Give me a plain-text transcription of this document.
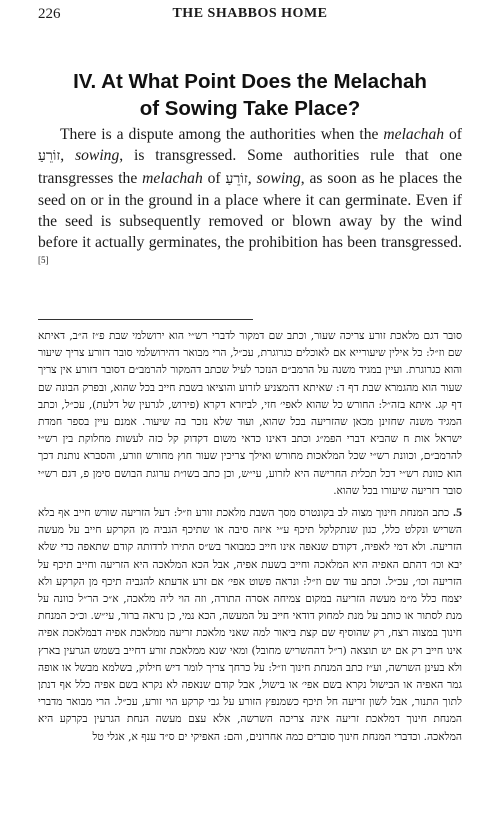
226	THE SHABBOS HOME
IV. At What Point Does the Melachah
of Sowing Take Place?
There is a dispute among the authorities when the melachah of זוֹרֵעַ, sowing, is transgressed. Some authorities rule that one transgresses the melachah of זוֹרֵעַ, sowing, as soon as he places the seed on or in the ground in a place where it can germinate. Even if the seed is subsequently removed or blown away by the wind before it actually germinates, the prohibition has been transgressed.[5]
סובר דגם מלאכת זורע צריכה שעור, וכתב שם דמקור לדברי רש״י הוא ירושלמי שבת פ״ז ה״ב, דאיתא שם וז״ל: כל אילין שיעורייא אם לאוכלים כגרוגרת, עכ״ל, הרי מבואר דהירושלמי סובר דזורע צריך שיעור והוא כגרוגרת. ועיין במגיד משנה על הרמב״ם הנזכר לעיל שכתב דהמקור להרמב״ם דסובר דזורע אין צריך שעור הוא מהגמרא שבת דף ד: שאיתא דהמצניע לזרוע והוציאו בשבת חייב בכל שהוא, ובפרק הבונה שם דף קג. איתא בזה״ל: החורש כל שהוא לאפי׳ חזי, לביזרא דקרא (פירוש, לגרעין של דלעת), עכ״ל, וכתב המגיד משנה שחזינן מכאן שהזריעה בכל שהוא, ועוד שלא נזכר בה שיעור. אמנם עיין בספר חמדת ישראל אות ח שהביא דברי הפמ״ג וכתב דאינו כדאי משום דקדוק קל כזה לעשות מחלוקת בין רש״י להרמב״ם, וכוונת רש״י שכל המלאכות מחורש ואילך צריכין שעור חוץ מחורש וזורע, והסברא נותנת דכך הוא כוונת רש״י דכל תכלית החרישה היא לזרוע, עי״ש, וכן כתב בשו״ת ערוגת הבושם סימן פ, דגם רש״י סובר דזריעה שיעורו בכל שהוא.
5. כתב המנחת חינוך מצוה לב בקונטרס מסך השבת מלאכת זורע וז״ל: דעל הזריעה שורש חייב אף בלא השריש ונקלט כלל, כגון שנתקלקל תיכף ע״י איזה סיבה או שתיכף הגביה מן הקרקע חייב על מעשה הזריעה. ולא דמי לאפיה, דקודם שנאפה אינו חייב כמבואר בש״ס התירו לרדותה קודם שתאפה כדי שלא יבא וכו׳ דהתם האפיה היא המלאכה וחייב בשעת אפיה, אבל הכא המלאכה היא הזריעה וחייב תיכף על הזריעה וכו׳, עכ״ל. וכתב עוד שם וז״ל: ונראה פשוט אפי׳ אם זרע אדעתא להגביה תיכף מן הקרקע ולא יצמח כלל מ״מ מעשה הזריעה במקום צמיחה אסרה התורה, וזה הוי ליה מלאכה, א״כ הר״ל כוונה על מנת לסתור או כותב על מנת למחוק דודאי חייב על המעשה, הכא נמי, כן נראה ברור, עי״ש. וכ״כ המנחת חינוך במצוה רצח, רק שהוסיף שם קצת ביאור למה שאני מלאכת זריעה ממלאכת אפיה דבמלאכת אפיה אינו חייב רק אם יש תוצאה (ר״ל דההשריש מחובל) ומאי שנא ממלאכת זורע דחייב בשמש הגרעין בארץ ולא בעינן השרשה, וע״ז כתב המנחת חינוך וז״ל: על כרחך צריך לומר דיש חילוק, בשלמא מבשל או אופה גמר האפיה או הבישול נקרא בשם אפי׳ או בישול, אבל קודם שנאפה לא נקרא בשם אפיה כלל אף דנתן לתוך התנור, אבל לשון זריעה חל תיכף כשמנפץ הזורע על גבי קרקע הוי זורע, עכ״ל. הרי מבואר מדברי המנחת חינוך דמלאכת זריעה אינה צריכה השרשה, אלא עצם מעשה הנחת הגרעין בקרקע היא המלאכה. וכדברי המנחת חינוך סוברים כמה אחרונים, והם: האפיקי ים ס״ד ענף א, אגלי טל
